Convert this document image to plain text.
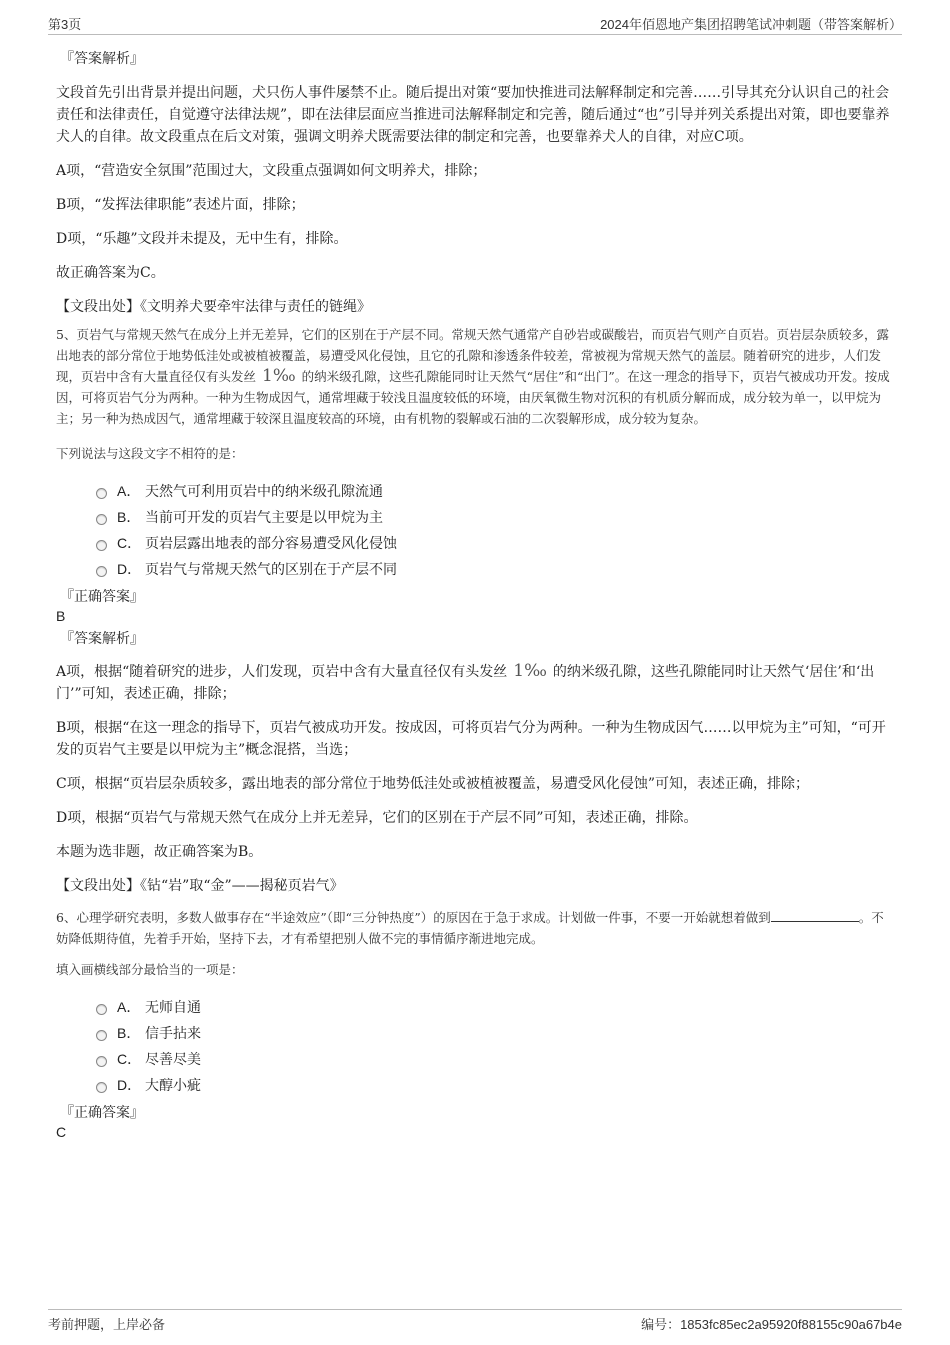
第3页	2024年佰恩地产集团招聘笔试冲刺题（带答案解析）

『答案解析』

文段首先引出背景并提出问题，犬只伤人事件屡禁不止。随后提出对策“要加快推进司法解释制定和完善……引导其充分认识自己的社会责任和法律责任，自觉遵守法律法规”，即在法律层面应当推进司法解释制定和完善，随后通过“也”引导并列关系提出对策，即也要靠养犬人的自律。故文段重点在后文对策，强调文明养犬既需要法律的制定和完善，也要靠养犬人的自律，对应C项。

A项，“营造安全氛围”范围过大，文段重点强调如何文明养犬，排除；

B项，“发挥法律职能”表述片面，排除；

D项，“乐趣”文段并未提及，无中生有，排除。

故正确答案为C。

【文段出处】《文明养犬要牵牢法律与责任的链绳》

5、页岩气与常规天然气在成分上并无差异，它们的区别在于产层不同。常规天然气通常产自砂岩或碳酸岩，而页岩气则产自页岩。页岩层杂质较多，露出地表的部分常位于地势低洼处或被植被覆盖，易遭受风化侵蚀，且它的孔隙和渗透条件较差，常被视为常规天然气的盖层。随着研究的进步，人们发现，页岩中含有大量直径仅有头发丝 1‰ 的纳米级孔隙，这些孔隙能同时让天然气“居住”和“出门”。在这一理念的指导下，页岩气被成功开发。按成因，可将页岩气分为两种。一种为生物成因气，通常埋藏于较浅且温度较低的环境，由厌氧微生物对沉积的有机质分解而成，成分较为单一，以甲烷为主；另一种为热成因气，通常埋藏于较深且温度较高的环境，由有机物的裂解或石油的二次裂解形成，成分较为复杂。

下列说法与这段文字不相符的是：

A． 天然气可利用页岩中的纳米级孔隙流通
B． 当前可开发的页岩气主要是以甲烷为主
C． 页岩层露出地表的部分容易遭受风化侵蚀
D． 页岩气与常规天然气的区别在于产层不同

『正确答案』

B

『答案解析』

A项，根据“随着研究的进步，人们发现，页岩中含有大量直径仅有头发丝 1‰ 的纳米级孔隙，这些孔隙能同时让天然气‘居住’和‘出门’”可知，表述正确，排除；

B项，根据“在这一理念的指导下，页岩气被成功开发。按成因，可将页岩气分为两种。一种为生物成因气……以甲烷为主”可知，“可开发的页岩气主要是以甲烷为主”概念混搭，当选；

C项，根据“页岩层杂质较多，露出地表的部分常位于地势低洼处或被植被覆盖，易遭受风化侵蚀”可知，表述正确，排除；

D项，根据“页岩气与常规天然气在成分上并无差异，它们的区别在于产层不同”可知，表述正确，排除。

本题为选非题，故正确答案为B。

【文段出处】《钻“岩”取“金”——揭秘页岩气》

6、心理学研究表明，多数人做事存在“半途效应”（即“三分钟热度”）的原因在于急于求成。计划做一件事，不要一开始就想着做到	。不妨降低期待值，先着手开始，坚持下去，才有希望把别人做不完的事情循序渐进地完成。

填入画横线部分最恰当的一项是：

A． 无师自通
B． 信手拈来
C． 尽善尽美
D． 大醇小疵

『正确答案』

C

考前押题，上岸必备	编号：1853fc85ec2a95920f88155c90a67b4e
